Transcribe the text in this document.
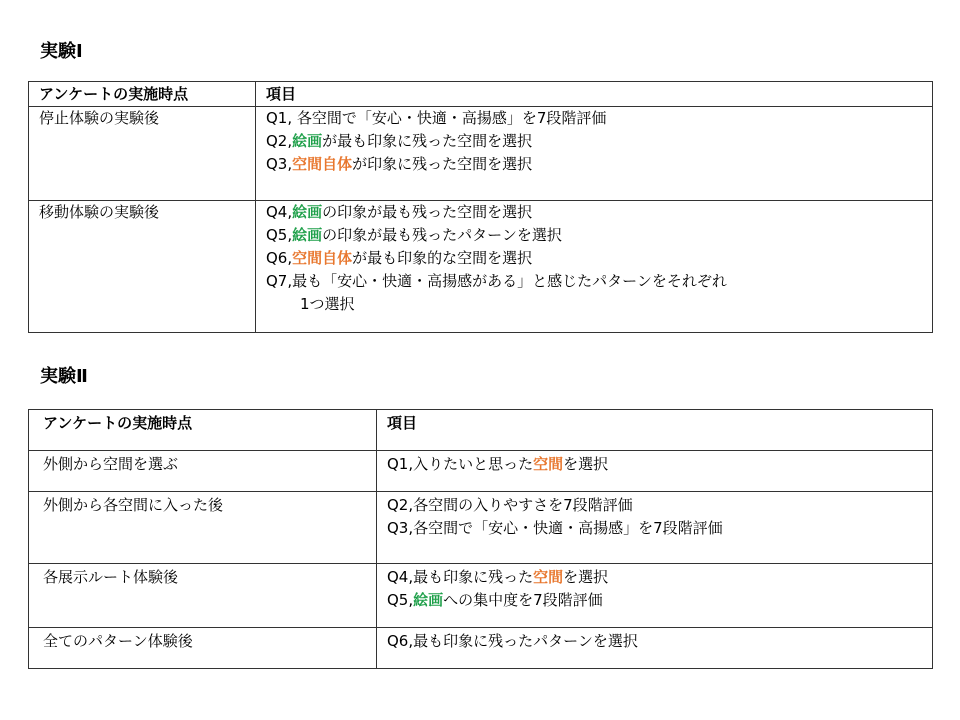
実験Ⅰ
アンケートの実施時点	項目
停止体験の実験後	Q1, 各空間で「安心・快適・高揚感」を7段階評価
Q2,絵画が最も印象に残った空間を選択
Q3,空間自体が印象に残った空間を選択

移動体験の実験後	Q4,絵画の印象が最も残った空間を選択
Q5,絵画の印象が最も残ったパターンを選択
Q6,空間自体が最も印象的な空間を選択
Q7,最も「安心・快適・高揚感がある」と感じたパターンをそれぞれ
1つ選択
実験Ⅱ
アンケートの実施時点	項目
外側から空間を選ぶ	Q1,入りたいと思った空間を選択

外側から各空間に入った後	Q2,各空間の入りやすさを7段階評価
Q3,各空間で「安心・快適・高揚感」を7段階評価

各展示ルート体験後	Q4,最も印象に残った空間を選択
Q5,絵画への集中度を7段階評価

全てのパターン体験後	Q6,最も印象に残ったパターンを選択
